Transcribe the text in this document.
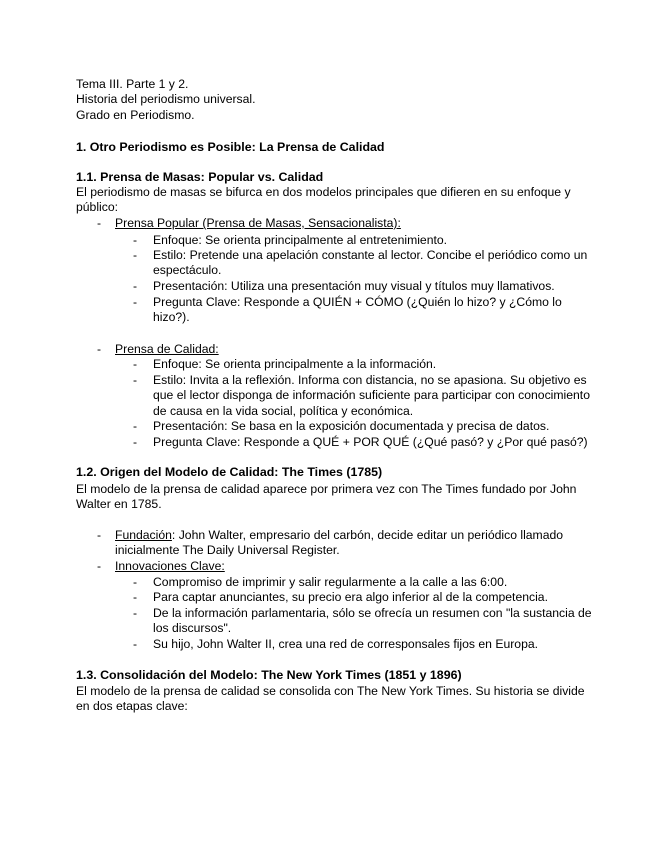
Tema III. Parte 1 y 2.
Historia del periodismo universal.
Grado en Periodismo.
1. Otro Periodismo es Posible: La Prensa de Calidad
1.1. Prensa de Masas: Popular vs. Calidad
El periodismo de masas se bifurca en dos modelos principales que difieren en su enfoque y
público:
- Prensa Popular (Prensa de Masas, Sensacionalista):
- Enfoque: Se orienta principalmente al entretenimiento.
- Estilo: Pretende una apelación constante al lector. Concibe el periódico como un
espectáculo.
- Presentación: Utiliza una presentación muy visual y títulos muy llamativos.
- Pregunta Clave: Responde a QUIÉN + CÓMO (¿Quién lo hizo? y ¿Cómo lo
hizo?).
- Prensa de Calidad:
- Enfoque: Se orienta principalmente a la información.
- Estilo: Invita a la reflexión. Informa con distancia, no se apasiona. Su objetivo es
que el lector disponga de información suficiente para participar con conocimiento
de causa en la vida social, política y económica.
- Presentación: Se basa en la exposición documentada y precisa de datos.
- Pregunta Clave: Responde a QUÉ + POR QUÉ (¿Qué pasó? y ¿Por qué pasó?)
1.2. Origen del Modelo de Calidad: The Times (1785)
El modelo de la prensa de calidad aparece por primera vez con The Times fundado por John
Walter en 1785.
- Fundación: John Walter, empresario del carbón, decide editar un periódico llamado
inicialmente The Daily Universal Register.
- Innovaciones Clave:
- Compromiso de imprimir y salir regularmente a la calle a las 6:00.
- Para captar anunciantes, su precio era algo inferior al de la competencia.
- De la información parlamentaria, sólo se ofrecía un resumen con "la sustancia de
los discursos".
- Su hijo, John Walter II, crea una red de corresponsales fijos en Europa.
1.3. Consolidación del Modelo: The New York Times (1851 y 1896)
El modelo de la prensa de calidad se consolida con The New York Times. Su historia se divide
en dos etapas clave:
